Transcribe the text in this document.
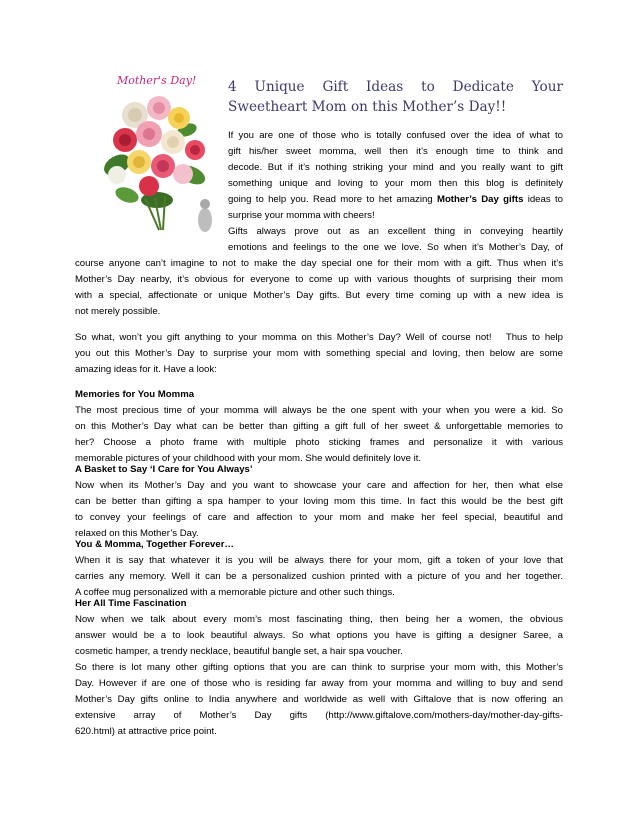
Mother's Day! 4   Unique   Gift   Ideas   to   Dedicate   Your
Sweetheart Mom on this Mother’s Day!!
If you are one of those who is totally confused over the idea of what to
gift his/her sweet momma, well then it’s enough time to think and
decode. But if it’s nothing striking your mind and you really want to gift
something unique and loving to your mom then this blog is definitely
going to help you. Read more to het amazing Mother’s Day gifts ideas to
surprise your momma with cheers!
Gifts always prove out as an excellent thing in conveying heartily
emotions and feelings to the one we love. So when it’s Mother’s Day, of
course anyone can’t imagine to not to make the day special one for their mom with a gift. Thus when it’s
Mother’s Day nearby, it’s obvious for everyone to come up with various thoughts of surprising their mom
with a special, affectionate or unique Mother’s Day gifts. But every time coming up with a new idea is
not merely possible.
So what, won’t you gift anything to your momma on this Mother’s Day? Well of course not!   Thus to help
you out this Mother’s Day to surprise your mom with something special and loving, then below are some
amazing ideas for it. Have a look:
Memories for You Momma
The most precious time of your momma will always be the one spent with your when you were a kid. So
on this Mother’s Day what can be better than gifting a gift full of her sweet & unforgettable memories to
her? Choose a photo frame with multiple photo sticking frames and personalize it with various
memorable pictures of your childhood with your mom. She would definitely love it.
A Basket to Say ‘I Care for You Always’
Now when its Mother’s Day and you want to showcase your care and affection for her, then what else
can be better than gifting a spa hamper to your loving mom this time. In fact this would be the best gift
to convey your feelings of care and affection to your mom and make her feel special, beautiful and
relaxed on this Mother’s Day.
You & Momma, Together Forever…
When it is say that whatever it is you will be always there for your mom, gift a token of your love that
carries any memory. Well it can be a personalized cushion printed with a picture of you and her together.
A coffee mug personalized with a memorable picture and other such things.
Her All Time Fascination
Now when we talk about every mom’s most fascinating thing, then being her a women, the obvious
answer would be a to look beautiful always. So what options you have is gifting a designer Saree, a
cosmetic hamper, a trendy necklace, beautiful bangle set, a hair spa voucher.
So there is lot many other gifting options that you are can think to surprise your mom with, this Mother’s
Day. However if are one of those who is residing far away from your momma and willing to buy and send
Mother’s Day gifts online to India anywhere and worldwide as well with Giftalove that is now offering an
extensive   array   of   Mother’s   Day   gifts   (http://www.giftalove.com/mothers-day/mother-day-gifts-
620.html) at attractive price point.
